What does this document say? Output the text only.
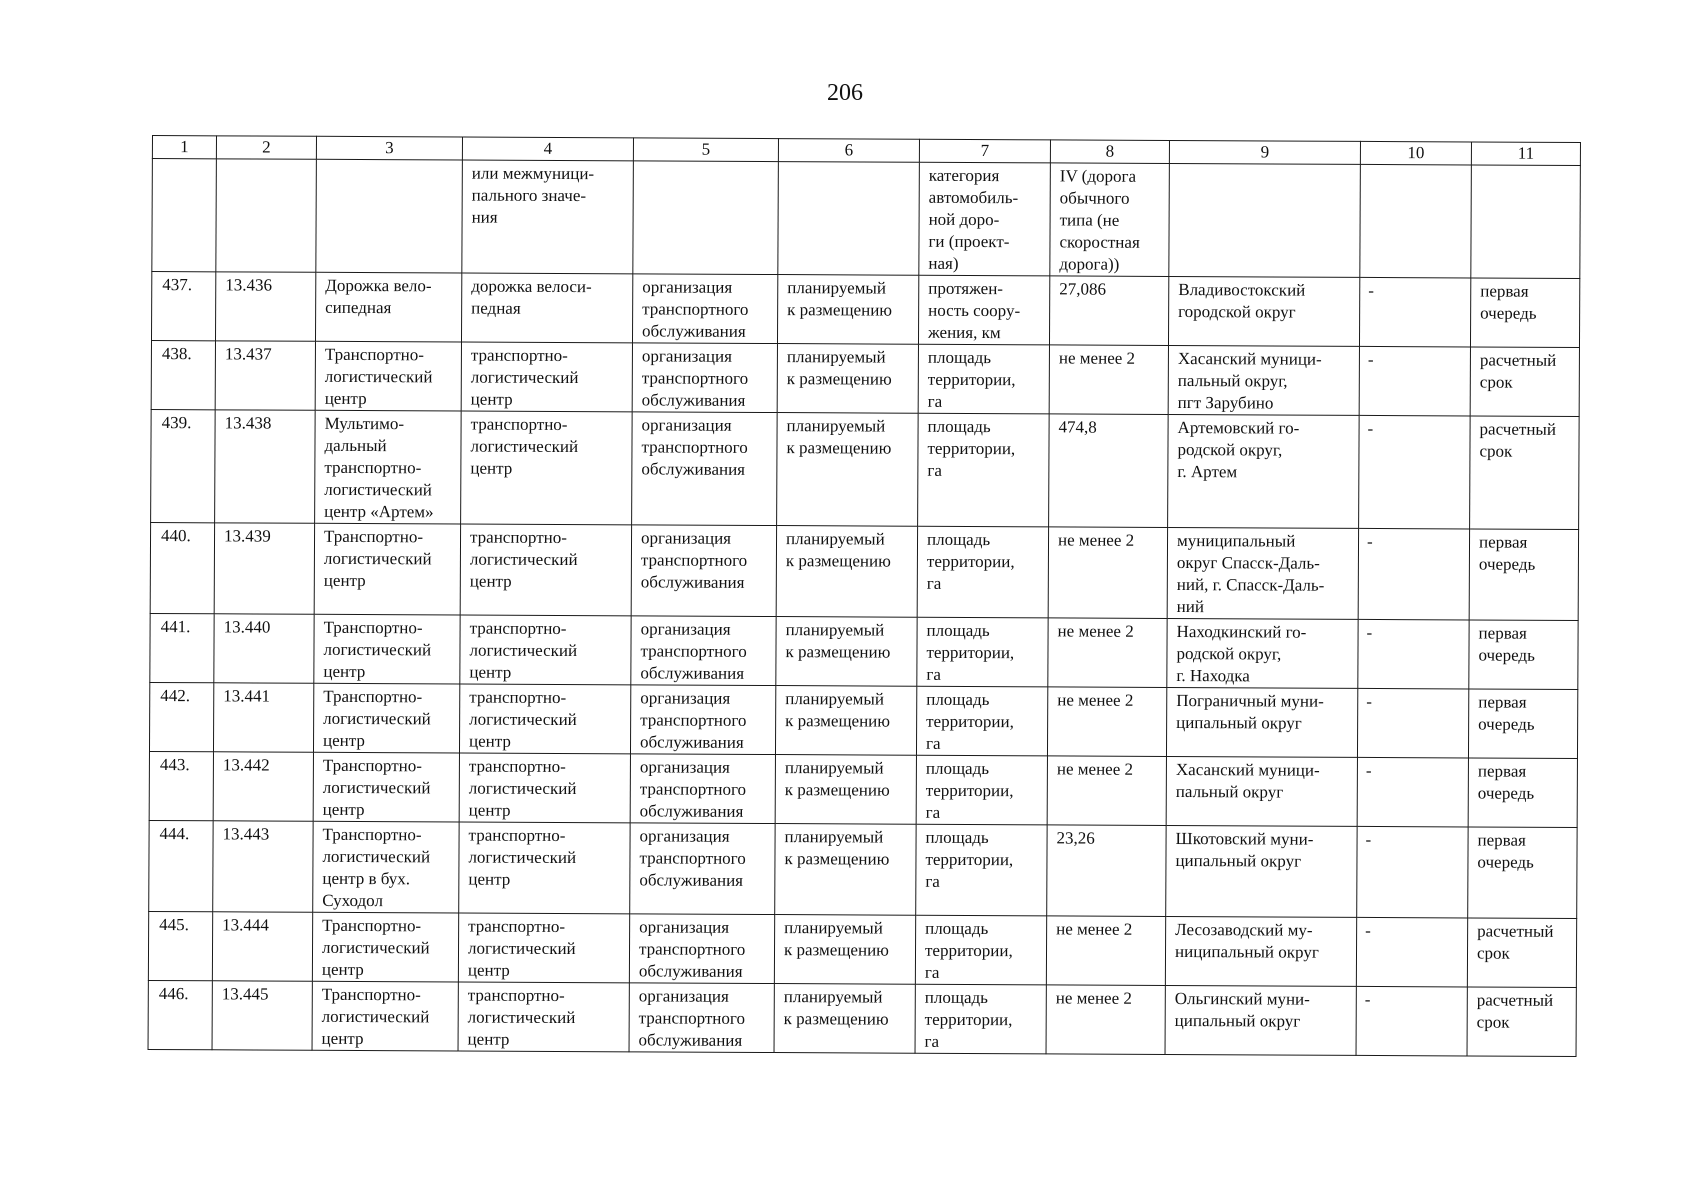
206
1	2	3	4	5	6	7	8	9	10	11
			или межмуници-
пального значе-
ния			категория
автомобиль-
ной доро-
ги (проект-
ная)	IV (дорога
обычного
типа (не
скоростная
дорога))			
437.	13.436	Дорожка вело-
сипедная	дорожка велоси-
педная	организация
транспортного
обслуживания	планируемый
к размещению	протяжен-
ность соору-
жения, км	27,086	Владивостокский
городской округ	-	первая
очередь
438.	13.437	Транспортно-
логистический
центр	транспортно-
логистический
центр	организация
транспортного
обслуживания	планируемый
к размещению	площадь
территории,
га	не менее 2	Хасанский муници-
пальный округ,
пгт Зарубино	-	расчетный
срок
439.	13.438	Мультимо-
дальный
транспортно-
логистический
центр «Артем»	транспортно-
логистический
центр	организация
транспортного
обслуживания	планируемый
к размещению	площадь
территории,
га	474,8	Артемовский го-
родской округ,
г. Артем	-	расчетный
срок
440.	13.439	Транспортно-
логистический
центр	транспортно-
логистический
центр	организация
транспортного
обслуживания	планируемый
к размещению	площадь
территории,
га	не менее 2	муниципальный
округ Спасск-Даль-
ний, г. Спасск-Даль-
ний	-	первая
очередь
441.	13.440	Транспортно-
логистический
центр	транспортно-
логистический
центр	организация
транспортного
обслуживания	планируемый
к размещению	площадь
территории,
га	не менее 2	Находкинский го-
родской округ,
г. Находка	-	первая
очередь
442.	13.441	Транспортно-
логистический
центр	транспортно-
логистический
центр	организация
транспортного
обслуживания	планируемый
к размещению	площадь
территории,
га	не менее 2	Пограничный муни-
ципальный округ	-	первая
очередь
443.	13.442	Транспортно-
логистический
центр	транспортно-
логистический
центр	организация
транспортного
обслуживания	планируемый
к размещению	площадь
территории,
га	не менее 2	Хасанский муници-
пальный округ	-	первая
очередь
444.	13.443	Транспортно-
логистический
центр в бух.
Суходол	транспортно-
логистический
центр	организация
транспортного
обслуживания	планируемый
к размещению	площадь
территории,
га	23,26	Шкотовский муни-
ципальный округ	-	первая
очередь
445.	13.444	Транспортно-
логистический
центр	транспортно-
логистический
центр	организация
транспортного
обслуживания	планируемый
к размещению	площадь
территории,
га	не менее 2	Лесозаводский му-
ниципальный округ	-	расчетный
срок
446.	13.445	Транспортно-
логистический
центр	транспортно-
логистический
центр	организация
транспортного
обслуживания	планируемый
к размещению	площадь
территории,
га	не менее 2	Ольгинский муни-
ципальный округ	-	расчетный
срок
